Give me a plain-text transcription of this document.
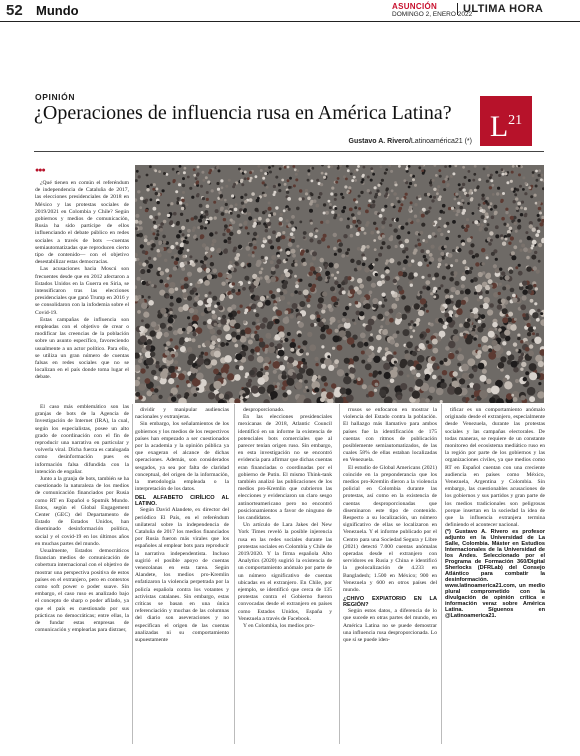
52 Mundo	ASUNCIÓN
DOMINGO 2, ENERO 2022
ULTIMA HORA
OPINIÓN
¿Operaciones de influencia rusa en América Latina?	$L^{21}$
Gustavo A. Rivero/Latinoamérica21 (*)
●●●

¿Qué tienen en común el referéndum de independencia de Cataluña de 2017, las elecciones presidenciales de 2018 en México y las protestas sociales de 2019/2021 en Colombia y Chile? Según gobiernos y medios de comunicación, Rusia ha sido partícipe de ellos influenciando el debate público en redes sociales a través de bots —cuentas semiautomatizadas que reproducen cierto tipo de contenido— con el objetivo desestabilizar estas democracias.

Las acusaciones hacia Moscú son frecuentes desde que en 2012 afectaron a Estados Unidos en la Guerra en Siria, se intensificaron tras las elecciones presidenciales que ganó Trump en 2016 y se consolidaron con la infodemia sobre el Covid-19.

Estas campañas de influencia son empleadas con el objetivo de crear o modificar las creencias de la población sobre un asunto específico, favoreciendo usualmente a un actor político. Para ello, se utiliza un gran número de cuentas falsas en redes sociales que no se localizan en el país donde toma lugar el debate.

El caso más emblemático son las granjas de bots de la Agencia de Investigación de Internet (IRA), la cual, según los especialistas, posee un alto grado de coordinación con el fin de reproducir una narrativa en particular y volverla viral. Dicha fuerza es catalogada como desinformación pues es información falsa difundida con la intención de engañar.

Junto a la granja de bots, también se ha cuestionado la naturaleza de los medios de comunicación financiados por Rusia como RT en Español o Sputnik Mundo. Estos, según el Global Engagement Center (GEC) del Departamento de Estado de Estados Unidos, han diseminado desinformación política, social y el covid-19 en los últimos años en muchas partes del mundo.

Usualmente, Estados democráticos financian medios de comunicación de cobertura internacional con el objetivo de mostrar una perspectiva positiva de estos países en el extranjero, pero en contextos como soft power o poder suave. Sin embargo, el caso ruso es analizado bajo el concepto de sharp o poder afilado, ya que el país es cuestionado por sus prácticas no democráticas; entre ellas, la de fundar estas empresas de comunicación y emplearlas para distraer,

dividir y manipular audiencias nacionales y extranjeras.

Sin embargo, los señalamientos de los gobiernos y los medios de los respectivos países han empezado a ser cuestionados por la academia y la opinión pública ya que exageran el alcance de dichas operaciones. Además, son considerados sesgados, ya sea por falta de claridad conceptual, del origen de la información, la metodología empleada o la interpretación de los datos.

DEL ALFABETO CIRÍLICO AL LATINO.

Según David Alandete, ex director del periódico El País, en el referéndum unilateral sobre la independencia de Cataluña de 2017 los medios financiados por Rusia fueron más virales que los españoles al emplear bots para reproducir la narrativa independentista. Incluso sugirió el posible apoyo de cuentas venezolanas en esta tarea. Según Alandete, los medios pro-Kremlin enfatizaron la violencia perpetrada por la policía española contra los votantes y activistas catalanes. Sin embargo, estas críticas se basan en una única referenciación y muchas de las columnas del diario son aseveraciones y no especifican el origen de las cuentas analizadas ni su comportamiento supuestamente

desproporcionado.

En las elecciones presidenciales mexicanas de 2018, Atlantic Council identificó en un informe la existencia de potenciales bots comerciales que al parecer tenían origen ruso. Sin embargo, en esta investigación no se encontró evidencia para afirmar que dichas cuentas eran financiadas o coordinadas por el gobierno de Putin. El mismo Think-tank también analizó las publicaciones de los medios pro-Kremlin que cubrieron las elecciones y evidenciaron un claro sesgo antinorteamericano pero no encontró posicionamientos a favor de ninguno de los candidatos.

Un artículo de Lara Jakes del New York Times reveló la posible injerencia rusa en las redes sociales durante las protestas sociales en Colombia y Chile de 2019/2020. Y la firma española Alto Analytics (2020) sugirió la existencia de un comportamiento anómalo por parte de un número significativo de cuentas ubicadas en el extranjero. En Chile, por ejemplo, se identificó que cerca de 135 protestas contra el Gobierno fueron convocadas desde el extranjero en países como Estados Unidos, España y Venezuela a través de Facebook.

Y en Colombia, los medios pro-

rrusos se enfocaron en mostrar la violencia del Estado contra la población. El hallazgo más llamativo para ambos países fue la identificación de 175 cuentas con ritmos de publicación posiblemente semiautomatizados, de las cuales 58% de ellas estaban localizadas en Venezuela.

El estudio de Global Americans (2021) coincide en la preponderancia que los medios pro-Kremlin dieron a la violencia policial en Colombia durante las protestas, así como en la existencia de cuentas desproporcionadas que diseminaron este tipo de contenido. Respecto a su localización, un número significativo de ellas se localizaron en Venezuela. Y el informe publicado por el Centro para una Sociedad Segura y Libre (2021) detectó 7.000 cuentas anómalas operadas desde el extranjero con servidores en Rusia y China e identificó la geolocalización de 4.233 en Bangladesh; 1.500 en México; 900 en Venezuela y 600 en otros países del mundo.

¿CHIVO EXPIATORIO EN LA REGIÓN?

Según estos datos, a diferencia de lo que sucede en otras partes del mundo, en América Latina no se puede demostrar una influencia rusa desproporcionada. Lo que sí se puede iden-

tificar es un comportamiento anómalo originado desde el extranjero, especialmente desde Venezuela, durante las protestas sociales y las campañas electorales. De todas maneras, se requiere de un constante monitoreo del ecosistema mediático ruso en la región por parte de los gobiernos y las organizaciones civiles, ya que medios como RT en Español cuentan con una creciente audiencia en países como México, Venezuela, Argentina y Colombia. Sin embargo, las cuestionables acusaciones de los gobiernos y sus partidos y gran parte de los medios tradicionales son peligrosas porque insertan en la sociedad la idea de que la influencia extranjera termina definiendo el acontecer nacional.

(*) Gustavo A. Rivero es profesor adjunto en la Universidad de La Salle, Colombia. Máster en Estudios Internacionales de la Universidad de los Andes. Seleccionado por el Programa de Formación 360/Digital Sherlocks (DFRLab) del Consejo Atlántico para combatir la desinformación. www.latinoamerica21.com, un medio plural comprometido con la divulgación de opinión crítica e información veraz sobre América Latina. Síguenos en @Latinoamerica21.
